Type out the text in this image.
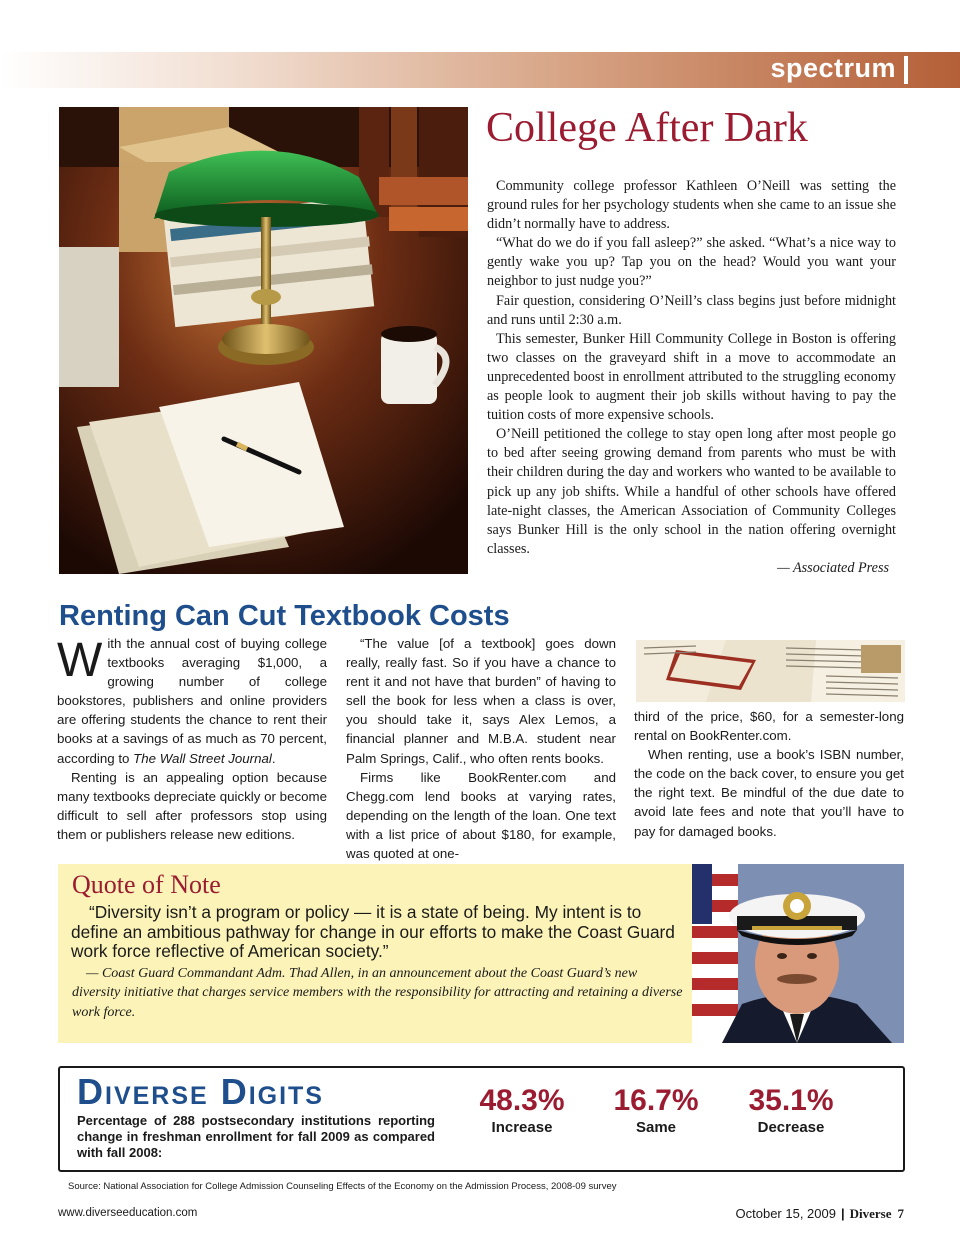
spectrum
College After Dark

Community college professor Kathleen O’Neill was setting the ground rules for her psychology students when she came to an issue she didn’t normally have to address.

“What do we do if you fall asleep?” she asked. “What’s a nice way to gently wake you up? Tap you on the head? Would you want your neighbor to just nudge you?”

Fair question, considering O’Neill’s class begins just before midnight and runs until 2:30 a.m.

This semester, Bunker Hill Community College in Boston is offering two classes on the graveyard shift in a move to accommodate an unprecedented boost in enrollment attributed to the struggling economy as people look to augment their job skills without having to pay the tuition costs of more expensive schools.

O’Neill petitioned the college to stay open long after most people go to bed after seeing growing demand from parents who must be with their children during the day and workers who wanted to be available to pick up any job shifts. While a handful of other schools have offered late-night classes, the American Association of Community Colleges says Bunker Hill is the only school in the nation offering overnight classes.

— Associated Press
Renting Can Cut Textbook Costs

With the annual cost of buying college textbooks averaging $1,000, a growing number of college bookstores, publishers and online providers are offering students the chance to rent their books at a savings of as much as 70 percent, according to The Wall Street Journal.

Renting is an appealing option because many textbooks depreciate quickly or become difficult to sell after professors stop using them or publishers release new editions.

“The value [of a textbook] goes down really, really fast. So if you have a chance to rent it and not have that burden” of having to sell the book for less when a class is over, you should take it, says Alex Lemos, a financial planner and M.B.A. student near Palm Springs, Calif., who often rents books.

Firms like BookRenter.com and Chegg.com lend books at varying rates, depending on the length of the loan. One text with a list price of about $180, for example, was quoted at one-

third of the price, $60, for a semester-long rental on BookRenter.com.

When renting, use a book’s ISBN number, the code on the back cover, to ensure you get the right text. Be mindful of the due date to avoid late fees and note that you’ll have to pay for damaged books.

Quote of Note
“Diversity isn’t a program or policy — it is a state of being. My intent is to define an ambitious pathway for change in our efforts to make the Coast Guard work force reflective of American society.”
— Coast Guard Commandant Adm. Thad Allen, in an announcement about the Coast Guard’s new diversity initiative that charges service members with the responsibility for attracting and retaining a diverse work force.
Diverse Digits
Percentage of 288 postsecondary institutions reporting change in freshman enrollment for fall 2009 as compared with fall 2008:
48.3%
Increase
16.7%
Same
35.1%
Decrease
Source: National Association for College Admission Counseling Effects of the Economy on the Admission Process, 2008-09 survey
www.diverseeducation.com	October 15, 2009 | Diverse 7
